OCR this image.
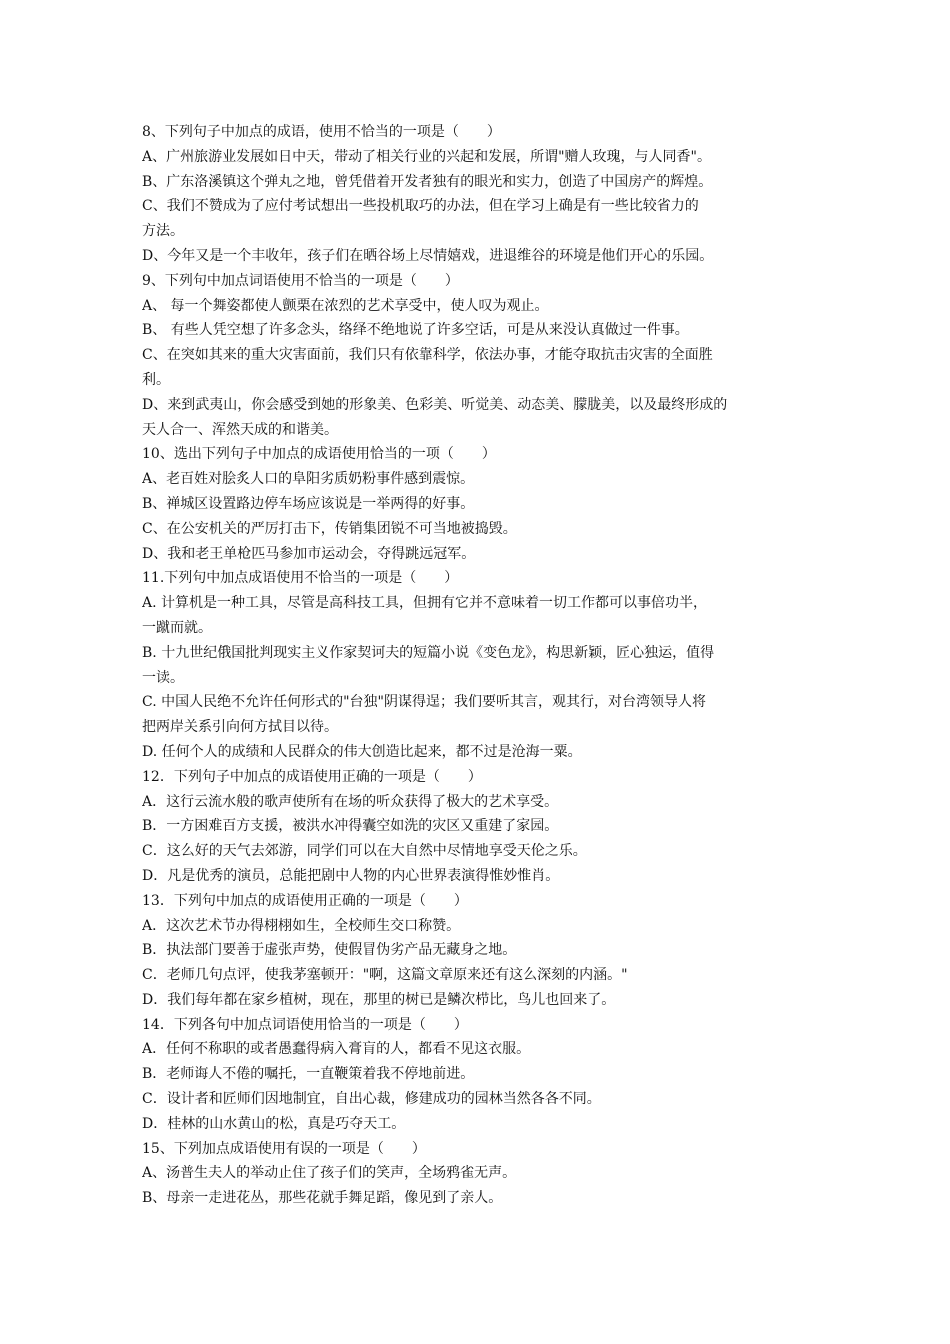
8、下列句子中加点的成语，使用不恰当的一项是（　　）

A、广州旅游业发展如日中天，带动了相关行业的兴起和发展，所谓"赠人玫瑰，与人同香"。

B、广东洛溪镇这个弹丸之地，曾凭借着开发者独有的眼光和实力，创造了中国房产的辉煌。

C、我们不赞成为了应付考试想出一些投机取巧的办法，但在学习上确是有一些比较省力的

方法。

D、今年又是一个丰收年，孩子们在晒谷场上尽情嬉戏，进退维谷的环境是他们开心的乐园。

9、下列句中加点词语使用不恰当的一项是（　　）

A、 每一个舞姿都使人颤栗在浓烈的艺术享受中，使人叹为观止。

B、 有些人凭空想了许多念头，络绎不绝地说了许多空话，可是从来没认真做过一件事。

C、在突如其来的重大灾害面前，我们只有依靠科学，依法办事，才能夺取抗击灾害的全面胜

利。

D、来到武夷山，你会感受到她的形象美、色彩美、听觉美、动态美、朦胧美，以及最终形成的

天人合一、浑然天成的和谐美。

10、选出下列句子中加点的成语使用恰当的一项（　　）

A、老百姓对脍炙人口的阜阳劣质奶粉事件感到震惊。

B、禅城区设置路边停车场应该说是一举两得的好事。

C、在公安机关的严厉打击下，传销集团锐不可当地被捣毁。

D、我和老王单枪匹马参加市运动会，夺得跳远冠军。

11.下列句中加点成语使用不恰当的一项是（　　）

A. 计算机是一种工具，尽管是高科技工具，但拥有它并不意味着一切工作都可以事倍功半，

一蹴而就。

B. 十九世纪俄国批判现实主义作家契诃夫的短篇小说《变色龙》，构思新颖，匠心独运，值得

一读。

C. 中国人民绝不允许任何形式的"台独"阴谋得逞；我们要听其言，观其行，对台湾领导人将

把两岸关系引向何方拭目以待。

D. 任何个人的成绩和人民群众的伟大创造比起来，都不过是沧海一粟。

12．下列句子中加点的成语使用正确的一项是（　　）

A．这行云流水般的歌声使所有在场的听众获得了极大的艺术享受。

B．一方困难百方支援，被洪水冲得囊空如洗的灾区又重建了家园。

C．这么好的天气去郊游，同学们可以在大自然中尽情地享受天伦之乐。

D．凡是优秀的演员，总能把剧中人物的内心世界表演得惟妙惟肖。

13．下列句中加点的成语使用正确的一项是（　　）

A．这次艺术节办得栩栩如生，全校师生交口称赞。

B．执法部门要善于虚张声势，使假冒伪劣产品无藏身之地。

C．老师几句点评，使我茅塞顿开："啊，这篇文章原来还有这么深刻的内涵。"

D．我们每年都在家乡植树，现在，那里的树已是鳞次栉比，鸟儿也回来了。

14．下列各句中加点词语使用恰当的一项是（　　）

A．任何不称职的或者愚蠢得病入膏肓的人，都看不见这衣服。

B．老师诲人不倦的嘱托，一直鞭策着我不停地前进。

C．设计者和匠师们因地制宜，自出心裁，修建成功的园林当然各各不同。

D．桂林的山水黄山的松，真是巧夺天工。

15、下列加点成语使用有误的一项是（　　）

A、汤普生夫人的举动止住了孩子们的笑声，全场鸦雀无声。

B、母亲一走进花丛，那些花就手舞足蹈，像见到了亲人。
